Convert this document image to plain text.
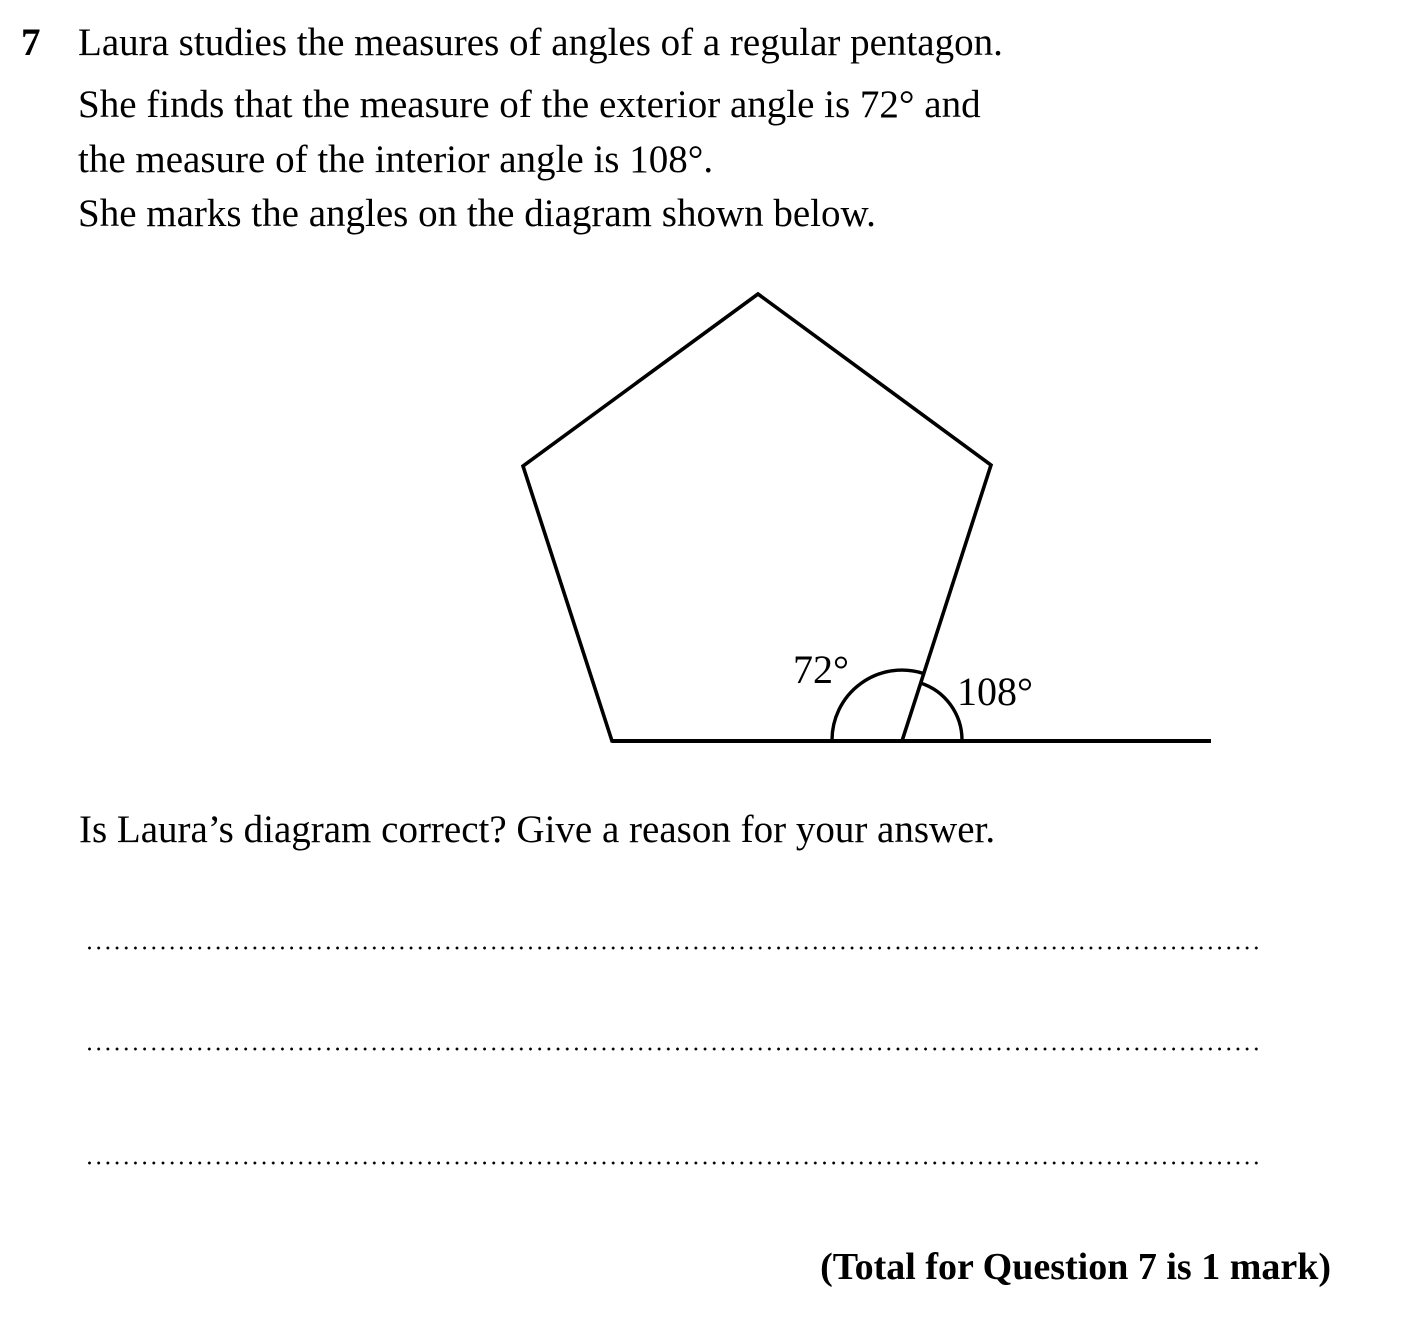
7 Laura studies the measures of angles of a regular pentagon.
She finds that the measure of the exterior angle is 72° and
the measure of the interior angle is 108°.
She marks the angles on the diagram shown below.
72°	108°
Is Laura’s diagram correct? Give a reason for your answer.
(Total for Question 7 is 1 mark)
